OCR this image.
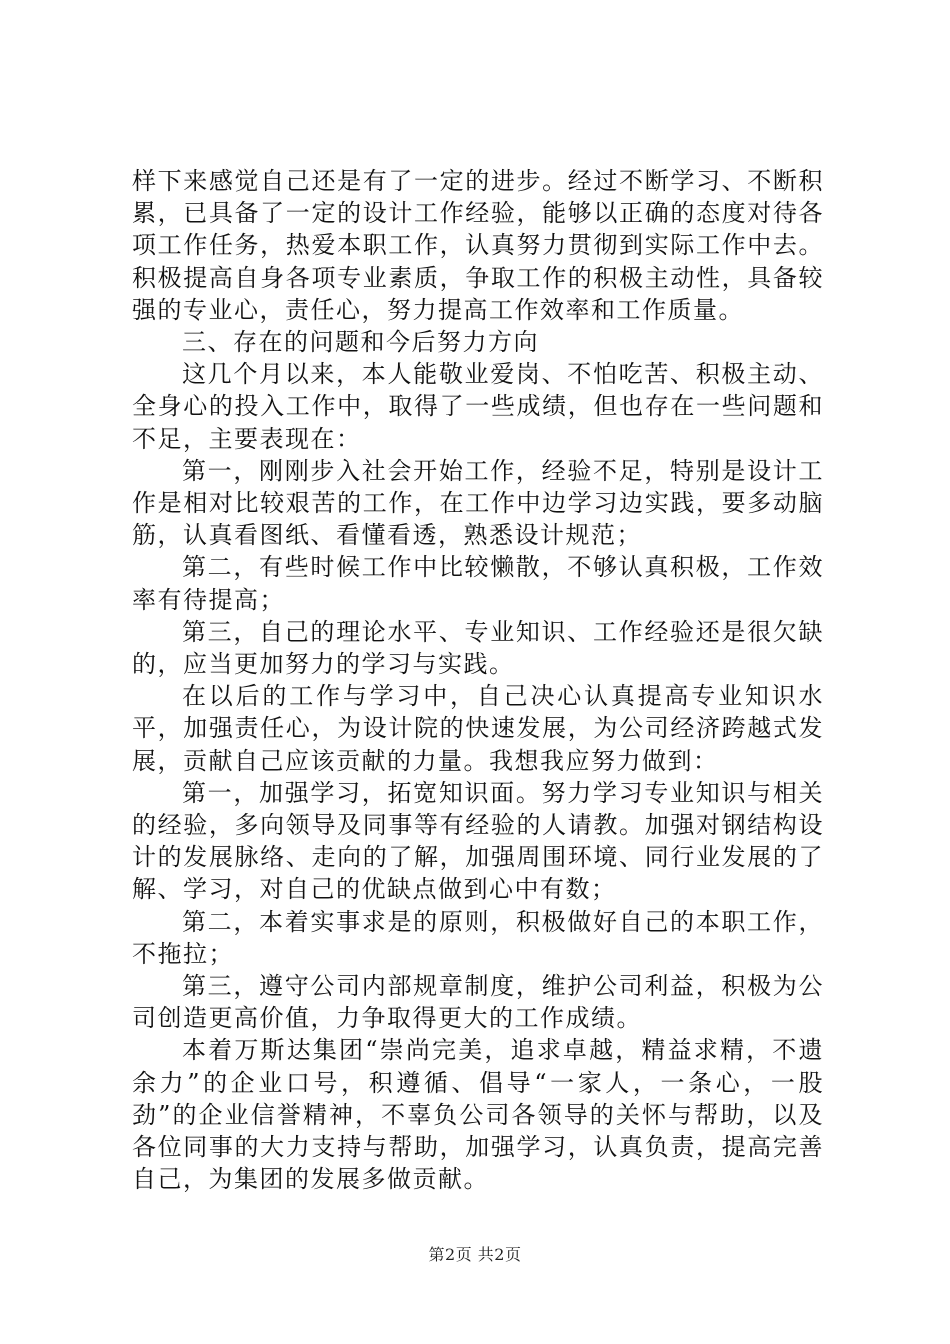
样下来感觉自己还是有了一定的进步。经过不断学习、不断积累，已具备了一定的设计工作经验，能够以正确的态度对待各项工作任务，热爱本职工作，认真努力贯彻到实际工作中去。积极提高自身各项专业素质，争取工作的积极主动性，具备较强的专业心，责任心，努力提高工作效率和工作质量。

三、存在的问题和今后努力方向

这几个月以来，本人能敬业爱岗、不怕吃苦、积极主动、全身心的投入工作中，取得了一些成绩，但也存在一些问题和不足，主要表现在：

第一，刚刚步入社会开始工作，经验不足，特别是设计工作是相对比较艰苦的工作，在工作中边学习边实践，要多动脑筋，认真看图纸、看懂看透，熟悉设计规范；

第二，有些时候工作中比较懒散，不够认真积极，工作效率有待提高；

第三，自己的理论水平、专业知识、工作经验还是很欠缺的，应当更加努力的学习与实践。

在以后的工作与学习中，自己决心认真提高专业知识水平，加强责任心，为设计院的快速发展，为公司经济跨越式发展，贡献自己应该贡献的力量。我想我应努力做到：

第一，加强学习，拓宽知识面。努力学习专业知识与相关的经验，多向领导及同事等有经验的人请教。加强对钢结构设计的发展脉络、走向的了解，加强周围环境、同行业发展的了解、学习，对自己的优缺点做到心中有数；

第二，本着实事求是的原则，积极做好自己的本职工作，不拖拉；

第三，遵守公司内部规章制度，维护公司利益，积极为公司创造更高价值，力争取得更大的工作成绩。

本着万斯达集团“崇尚完美，追求卓越，精益求精，不遗余力”的企业口号，积遵循、倡导“一家人，一条心，一股劲”的企业信誉精神，不辜负公司各领导的关怀与帮助，以及各位同事的大力支持与帮助，加强学习，认真负责，提高完善自己，为集团的发展多做贡献。

第2页 共2页
